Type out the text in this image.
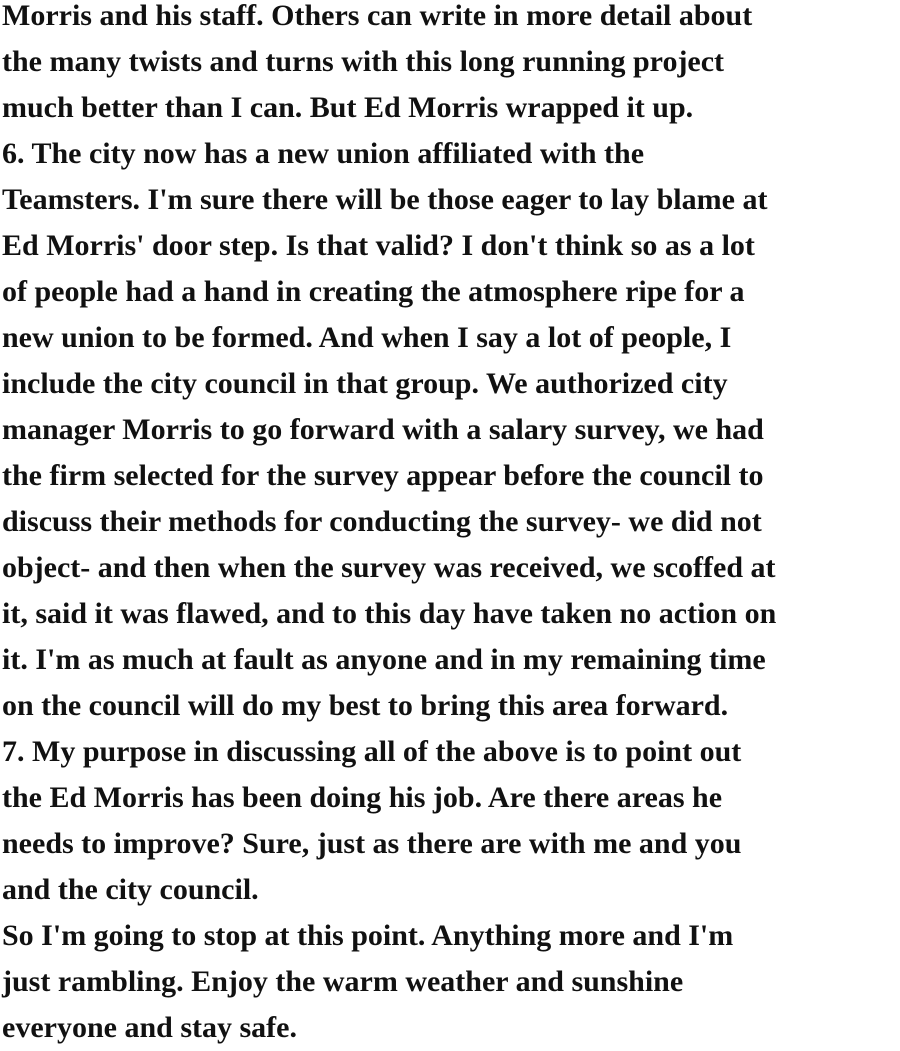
Morris and his staff. Others can write in more detail about
the many twists and turns with this long running project
much better than I can. But Ed Morris wrapped it up.
6. The city now has a new union affiliated with the
Teamsters. I'm sure there will be those eager to lay blame at
Ed Morris' door step. Is that valid? I don't think so as a lot
of people had a hand in creating the atmosphere ripe for a
new union to be formed. And when I say a lot of people, I
include the city council in that group. We authorized city
manager Morris to go forward with a salary survey, we had
the firm selected for the survey appear before the council to
discuss their methods for conducting the survey- we did not
object- and then when the survey was received, we scoffed at
it, said it was flawed, and to this day have taken no action on
it. I'm as much at fault as anyone and in my remaining time
on the council will do my best to bring this area forward.
7. My purpose in discussing all of the above is to point out
the Ed Morris has been doing his job. Are there areas he
needs to improve? Sure, just as there are with me and you
and the city council.
So I'm going to stop at this point. Anything more and I'm
just rambling. Enjoy the warm weather and sunshine
everyone and stay safe.
